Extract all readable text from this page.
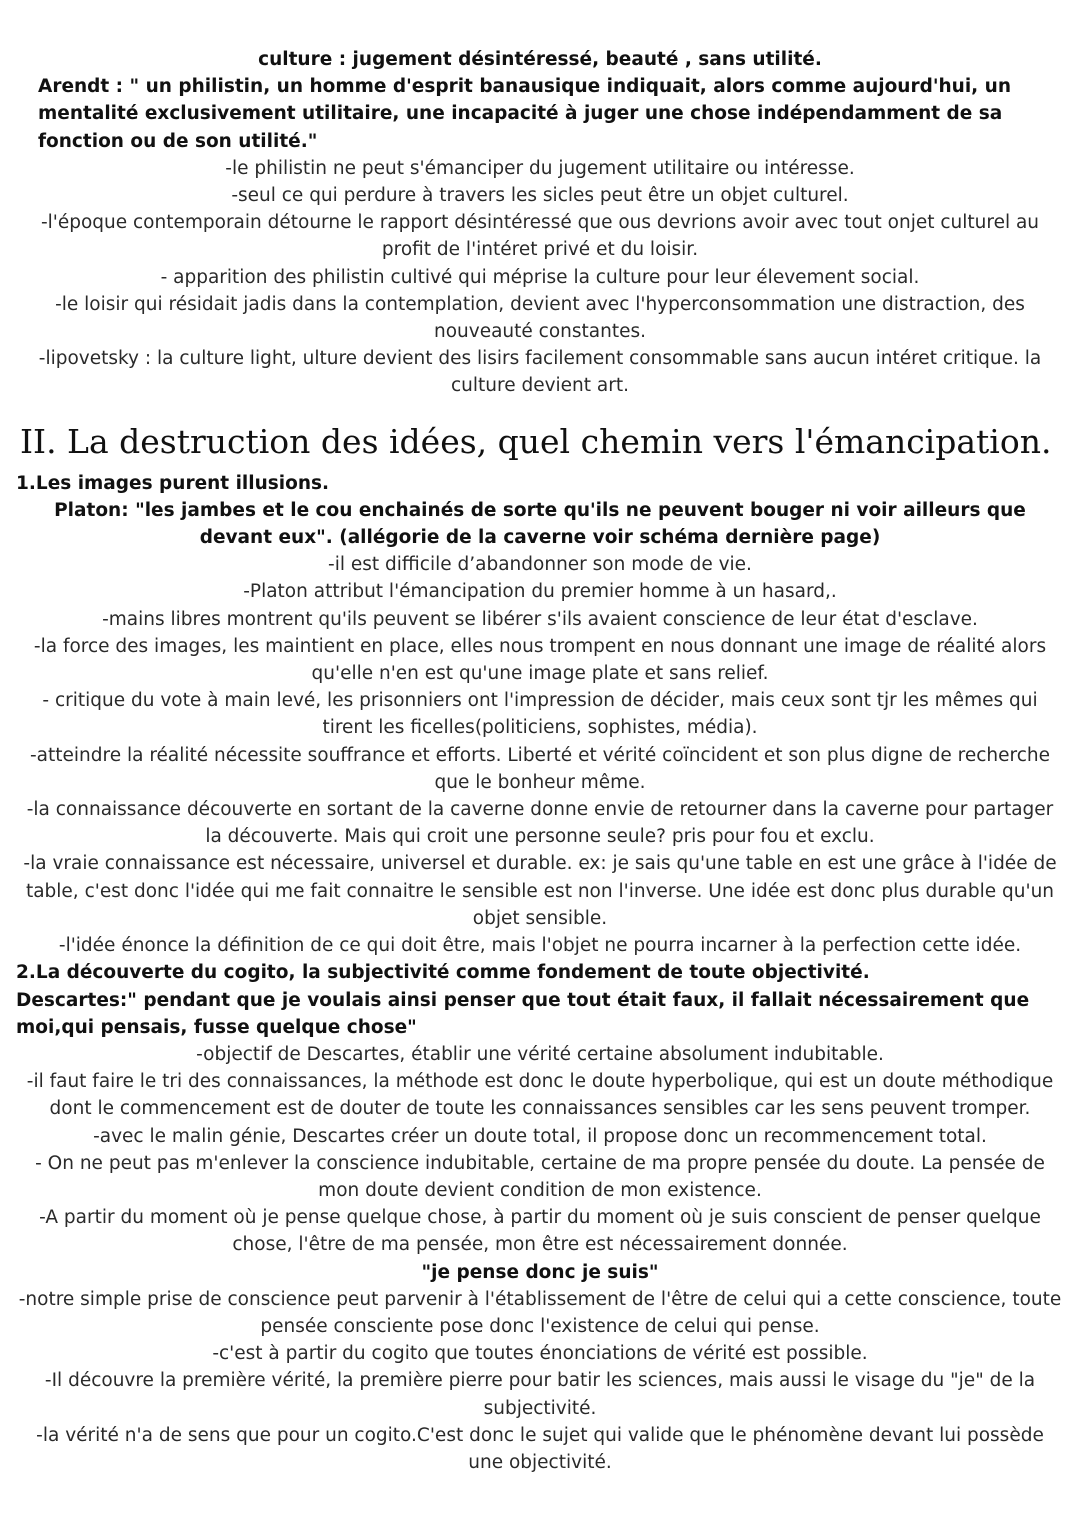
culture : jugement désintéressé, beauté , sans utilité.

Arendt : " un philistin, un homme d'esprit banausique indiquait, alors comme aujourd'hui, un mentalité exclusivement utilitaire, une incapacité à juger une chose indépendamment de sa fonction ou de son utilité."

-le philistin ne peut s'émanciper du jugement utilitaire ou intéresse.

-seul ce qui perdure à travers les sicles peut être un objet culturel.

-l'époque contemporain détourne le rapport désintéressé que ous devrions avoir avec tout onjet culturel au profit de l'intéret privé et du loisir.

- apparition des philistin cultivé qui méprise la culture pour leur élevement social.

-le loisir qui résidait jadis dans la contemplation, devient avec l'hyperconsommation une distraction, des nouveauté constantes.

-lipovetsky : la culture light, ulture devient des lisirs facilement consommable sans aucun intéret critique. la culture devient art.

II. La destruction des idées, quel chemin vers l'émancipation.

1.Les images purent illusions.

Platon: "les jambes et le cou enchainés de sorte qu'ils ne peuvent bouger ni voir ailleurs que devant eux". (allégorie de la caverne voir schéma dernière page)

-il est difficile d’abandonner son mode de vie.

-Platon attribut l'émancipation du premier homme à un hasard,.

-mains libres montrent qu'ils peuvent se libérer s'ils avaient conscience de leur état d'esclave.

-la force des images, les maintient en place, elles nous trompent en nous donnant une image de réalité alors qu'elle n'en est qu'une image plate et sans relief.

- critique du vote à main levé, les prisonniers ont l'impression de décider, mais ceux sont tjr les mêmes qui tirent les ficelles(politiciens, sophistes, média).

-atteindre la réalité nécessite souffrance et efforts. Liberté et vérité coïncident et son plus digne de recherche que le bonheur même.

-la connaissance découverte en sortant de la caverne donne envie de retourner dans la caverne pour partager la découverte. Mais qui croit une personne seule? pris pour fou et exclu.

-la vraie connaissance est nécessaire, universel et durable. ex: je sais qu'une table en est une grâce à l'idée de table, c'est donc l'idée qui me fait connaitre le sensible est non l'inverse. Une idée est donc plus durable qu'un objet sensible.

-l'idée énonce la définition de ce qui doit être, mais l'objet ne pourra incarner à la perfection cette idée.

2.La découverte du cogito, la subjectivité comme fondement de toute objectivité.

Descartes:" pendant que je voulais ainsi penser que tout était faux, il fallait nécessairement que moi,qui pensais, fusse quelque chose"

-objectif de Descartes, établir une vérité certaine absolument indubitable.

-il faut faire le tri des connaissances, la méthode est donc le doute hyperbolique, qui est un doute méthodique dont le commencement est de douter de toute les connaissances sensibles car les sens peuvent tromper.

-avec le malin génie, Descartes créer un doute total, il propose donc un recommencement total.

- On ne peut pas m'enlever la conscience indubitable, certaine de ma propre pensée du doute. La pensée de mon doute devient condition de mon existence.

-A partir du moment où je pense quelque chose, à partir du moment où je suis conscient de penser quelque chose, l'être de ma pensée, mon être est nécessairement donnée.

"je pense donc je suis"

-notre simple prise de conscience peut parvenir à l'établissement de l'être de celui qui a cette conscience, toute pensée consciente pose donc l'existence de celui qui pense.

-c'est à partir du cogito que toutes énonciations de vérité est possible.

-Il découvre la première vérité, la première pierre pour batir les sciences, mais aussi le visage du "je" de la subjectivité.

-la vérité n'a de sens que pour un cogito.C'est donc le sujet qui valide que le phénomène devant lui possède une objectivité.
